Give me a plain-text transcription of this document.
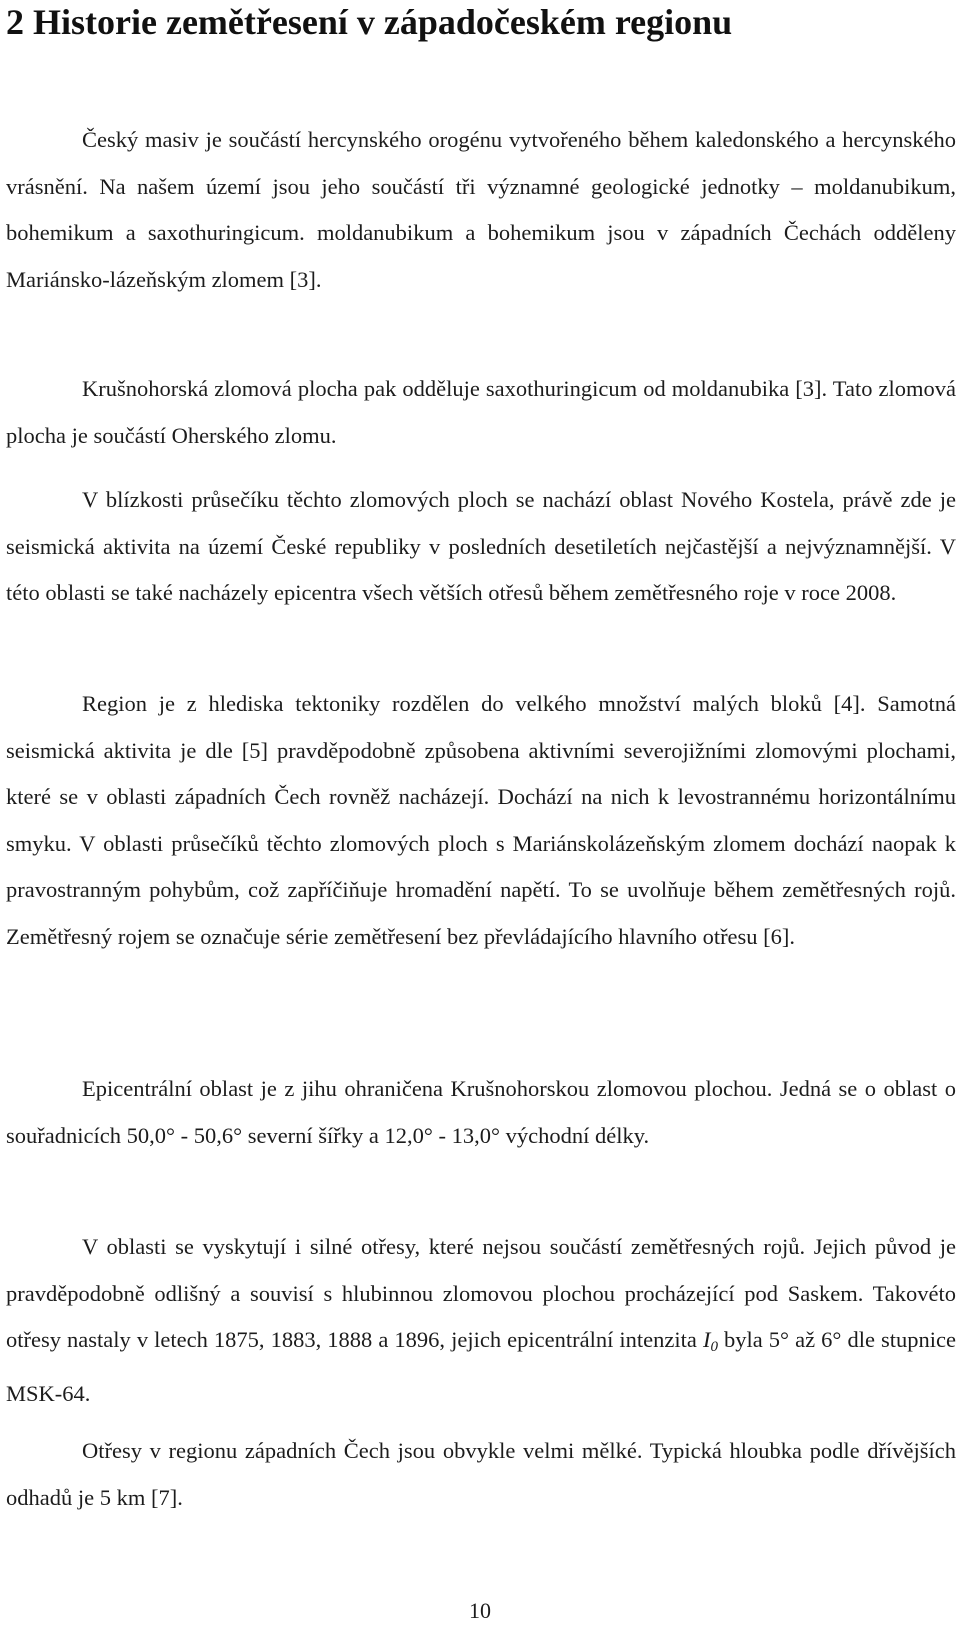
2 Historie zemětřesení v západočeském regionu

Český masiv je součástí hercynského orogénu vytvořeného během kaledonského a hercynského vrásnění. Na našem území jsou jeho součástí tři významné geologické jednotky – moldanubikum, bohemikum a saxothuringicum. moldanubikum a bohemikum jsou v západních Čechách odděleny Mariánsko-lázeňským zlomem [3].

Krušnohorská zlomová plocha pak odděluje saxothuringicum od moldanubika [3]. Tato zlomová plocha je součástí Oherského zlomu.

V blízkosti průsečíku těchto zlomových ploch se nachází oblast Nového Kostela, právě zde je seismická aktivita na území České republiky v posledních desetiletích nejčastější a nejvýznamnější. V této oblasti se také nacházely epicentra všech větších otřesů během zemětřesného roje v roce 2008.

Region je z hlediska tektoniky rozdělen do velkého množství malých bloků [4]. Samotná seismická aktivita je dle [5] pravděpodobně způsobena aktivními severojižními zlomovými plochami, které se v oblasti západních Čech rovněž nacházejí. Dochází na nich k levostrannému horizontálnímu smyku. V oblasti průsečíků těchto zlomových ploch s Mariánskolázeňským zlomem dochází naopak k pravostranným pohybům, což zapříčiňuje hromadění napětí. To se uvolňuje během zemětřesných rojů. Zemětřesný rojem se označuje série zemětřesení bez převládajícího hlavního otřesu [6].

Epicentrální oblast je z jihu ohraničena Krušnohorskou zlomovou plochou. Jedná se o oblast o souřadnicích 50,0° - 50,6° severní šířky a 12,0° - 13,0° východní délky.

V oblasti se vyskytují i silné otřesy, které nejsou součástí zemětřesných rojů. Jejich původ je pravděpodobně odlišný a souvisí s hlubinnou zlomovou plochou procházející pod Saskem. Takovéto otřesy nastaly v letech 1875, 1883, 1888 a 1896, jejich epicentrální intenzita $I_0$ byla 5° až 6° dle stupnice MSK-64.

Otřesy v regionu západních Čech jsou obvykle velmi mělké. Typická hloubka podle dřívějších odhadů je 5 km [7].

10
